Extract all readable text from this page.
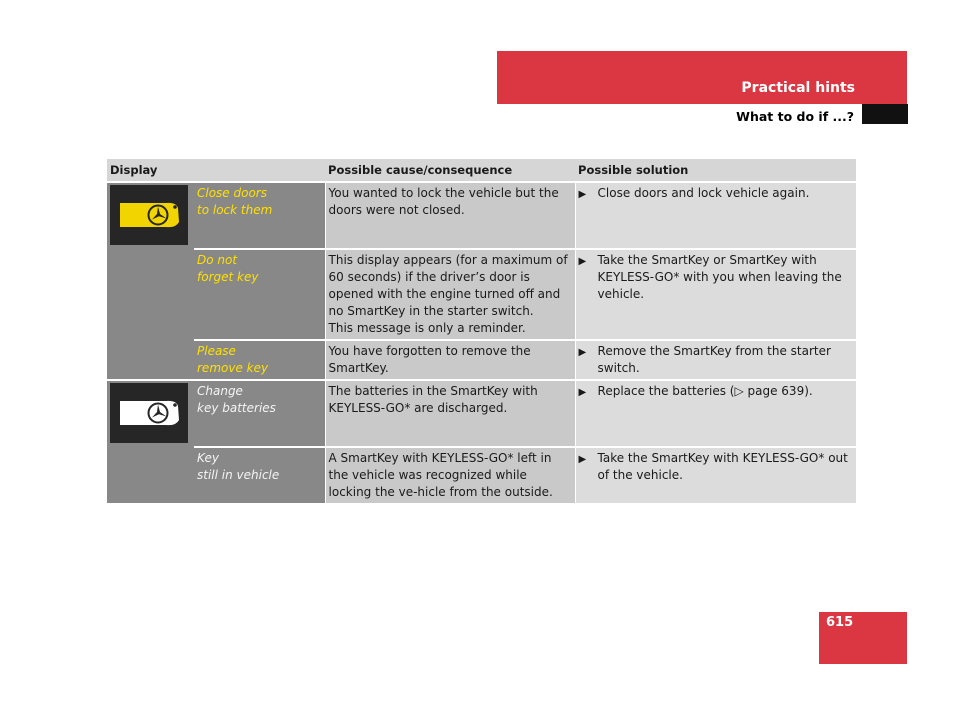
Practical hints
What to do if ...?
Display		Possible cause/consequence	Possible solution

	Close doors
to lock them	You wanted to lock the vehicle but the doors were not closed.	▶ Close doors and lock vehicle again.

	Do not
forget key	This display appears (for a maximum of 60 seconds) if the driver’s door is opened with the engine turned off and no SmartKey in the starter switch.
This message is only a reminder.	▶ Take the SmartKey or SmartKey with KEYLESS-GO* with you when leaving the vehicle.

	Please
remove key	You have forgotten to remove the SmartKey.	▶ Remove the SmartKey from the starter switch.

	Change
key batteries	The batteries in the SmartKey with KEYLESS-GO* are discharged.	▶ Replace the batteries (▷ page 639).

	Key
still in vehicle	A SmartKey with KEYLESS-GO* left in the vehicle was recognized while locking the ve-hicle from the outside.	▶ Take the SmartKey with KEYLESS-GO* out of the vehicle.
615
